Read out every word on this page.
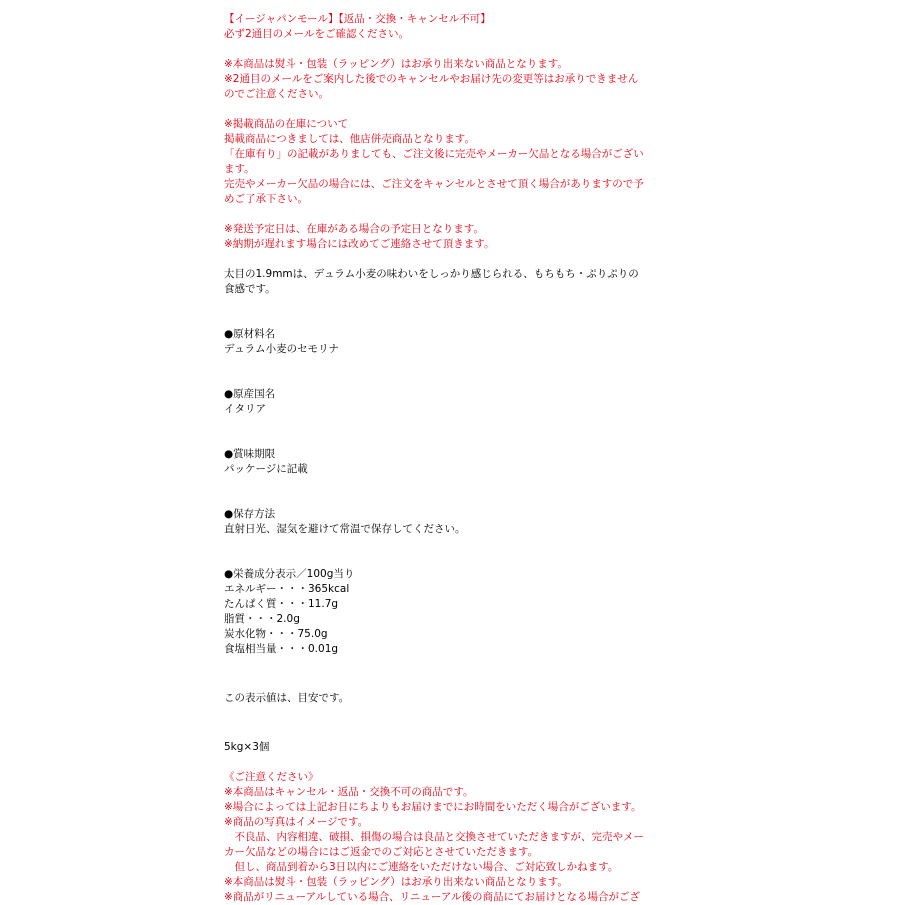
【イージャパンモール】【返品・交換・キャンセル不可】
必ず2通目のメールをご確認ください。
※本商品は熨斗・包装（ラッピング）はお承り出来ない商品となります。
※2通目のメールをご案内した後でのキャンセルやお届け先の変更等はお承りできません
のでご注意ください。
※掲載商品の在庫について
掲載商品につきましては、他店併売商品となります。
「在庫有り」の記載がありましても、ご注文後に完売やメーカー欠品となる場合がござい
ます。
完売やメーカー欠品の場合には、ご注文をキャンセルとさせて頂く場合がありますので予
めご了承下さい。
※発送予定日は、在庫がある場合の予定日となります。
※納期が遅れます場合には改めてご連絡させて頂きます。
太目の1.9mmは、デュラム小麦の味わいをしっかり感じられる、もちもち・ぷりぷりの
食感です。
●原材料名
デュラム小麦のセモリナ
●原産国名
イタリア
●賞味期限
パッケージに記載
●保存方法
直射日光、湿気を避けて常温で保存してください。
●栄養成分表示／100g当り
エネルギー・・・365kcal
たんぱく質・・・11.7g
脂質・・・2.0g
炭水化物・・・75.0g
食塩相当量・・・0.01g
この表示値は、目安です。
5kg×3個
《ご注意ください》
※本商品はキャンセル・返品・交換不可の商品です。
※場合によっては上記お日にちよりもお届けまでにお時間をいただく場合がございます。
※商品の写真はイメージです。
　不良品、内容相違、破損、損傷の場合は良品と交換させていただきますが、完売やメー
カー欠品などの場合にはご返金でのご対応とさせていただきます。
　但し、商品到着から3日以内にご連絡をいただけない場合、ご対応致しかねます。
※本商品は熨斗・包装（ラッピング）はお承り出来ない商品となります。
※商品がリニューアルしている場合、リニューアル後の商品にてお届けとなる場合がござ
